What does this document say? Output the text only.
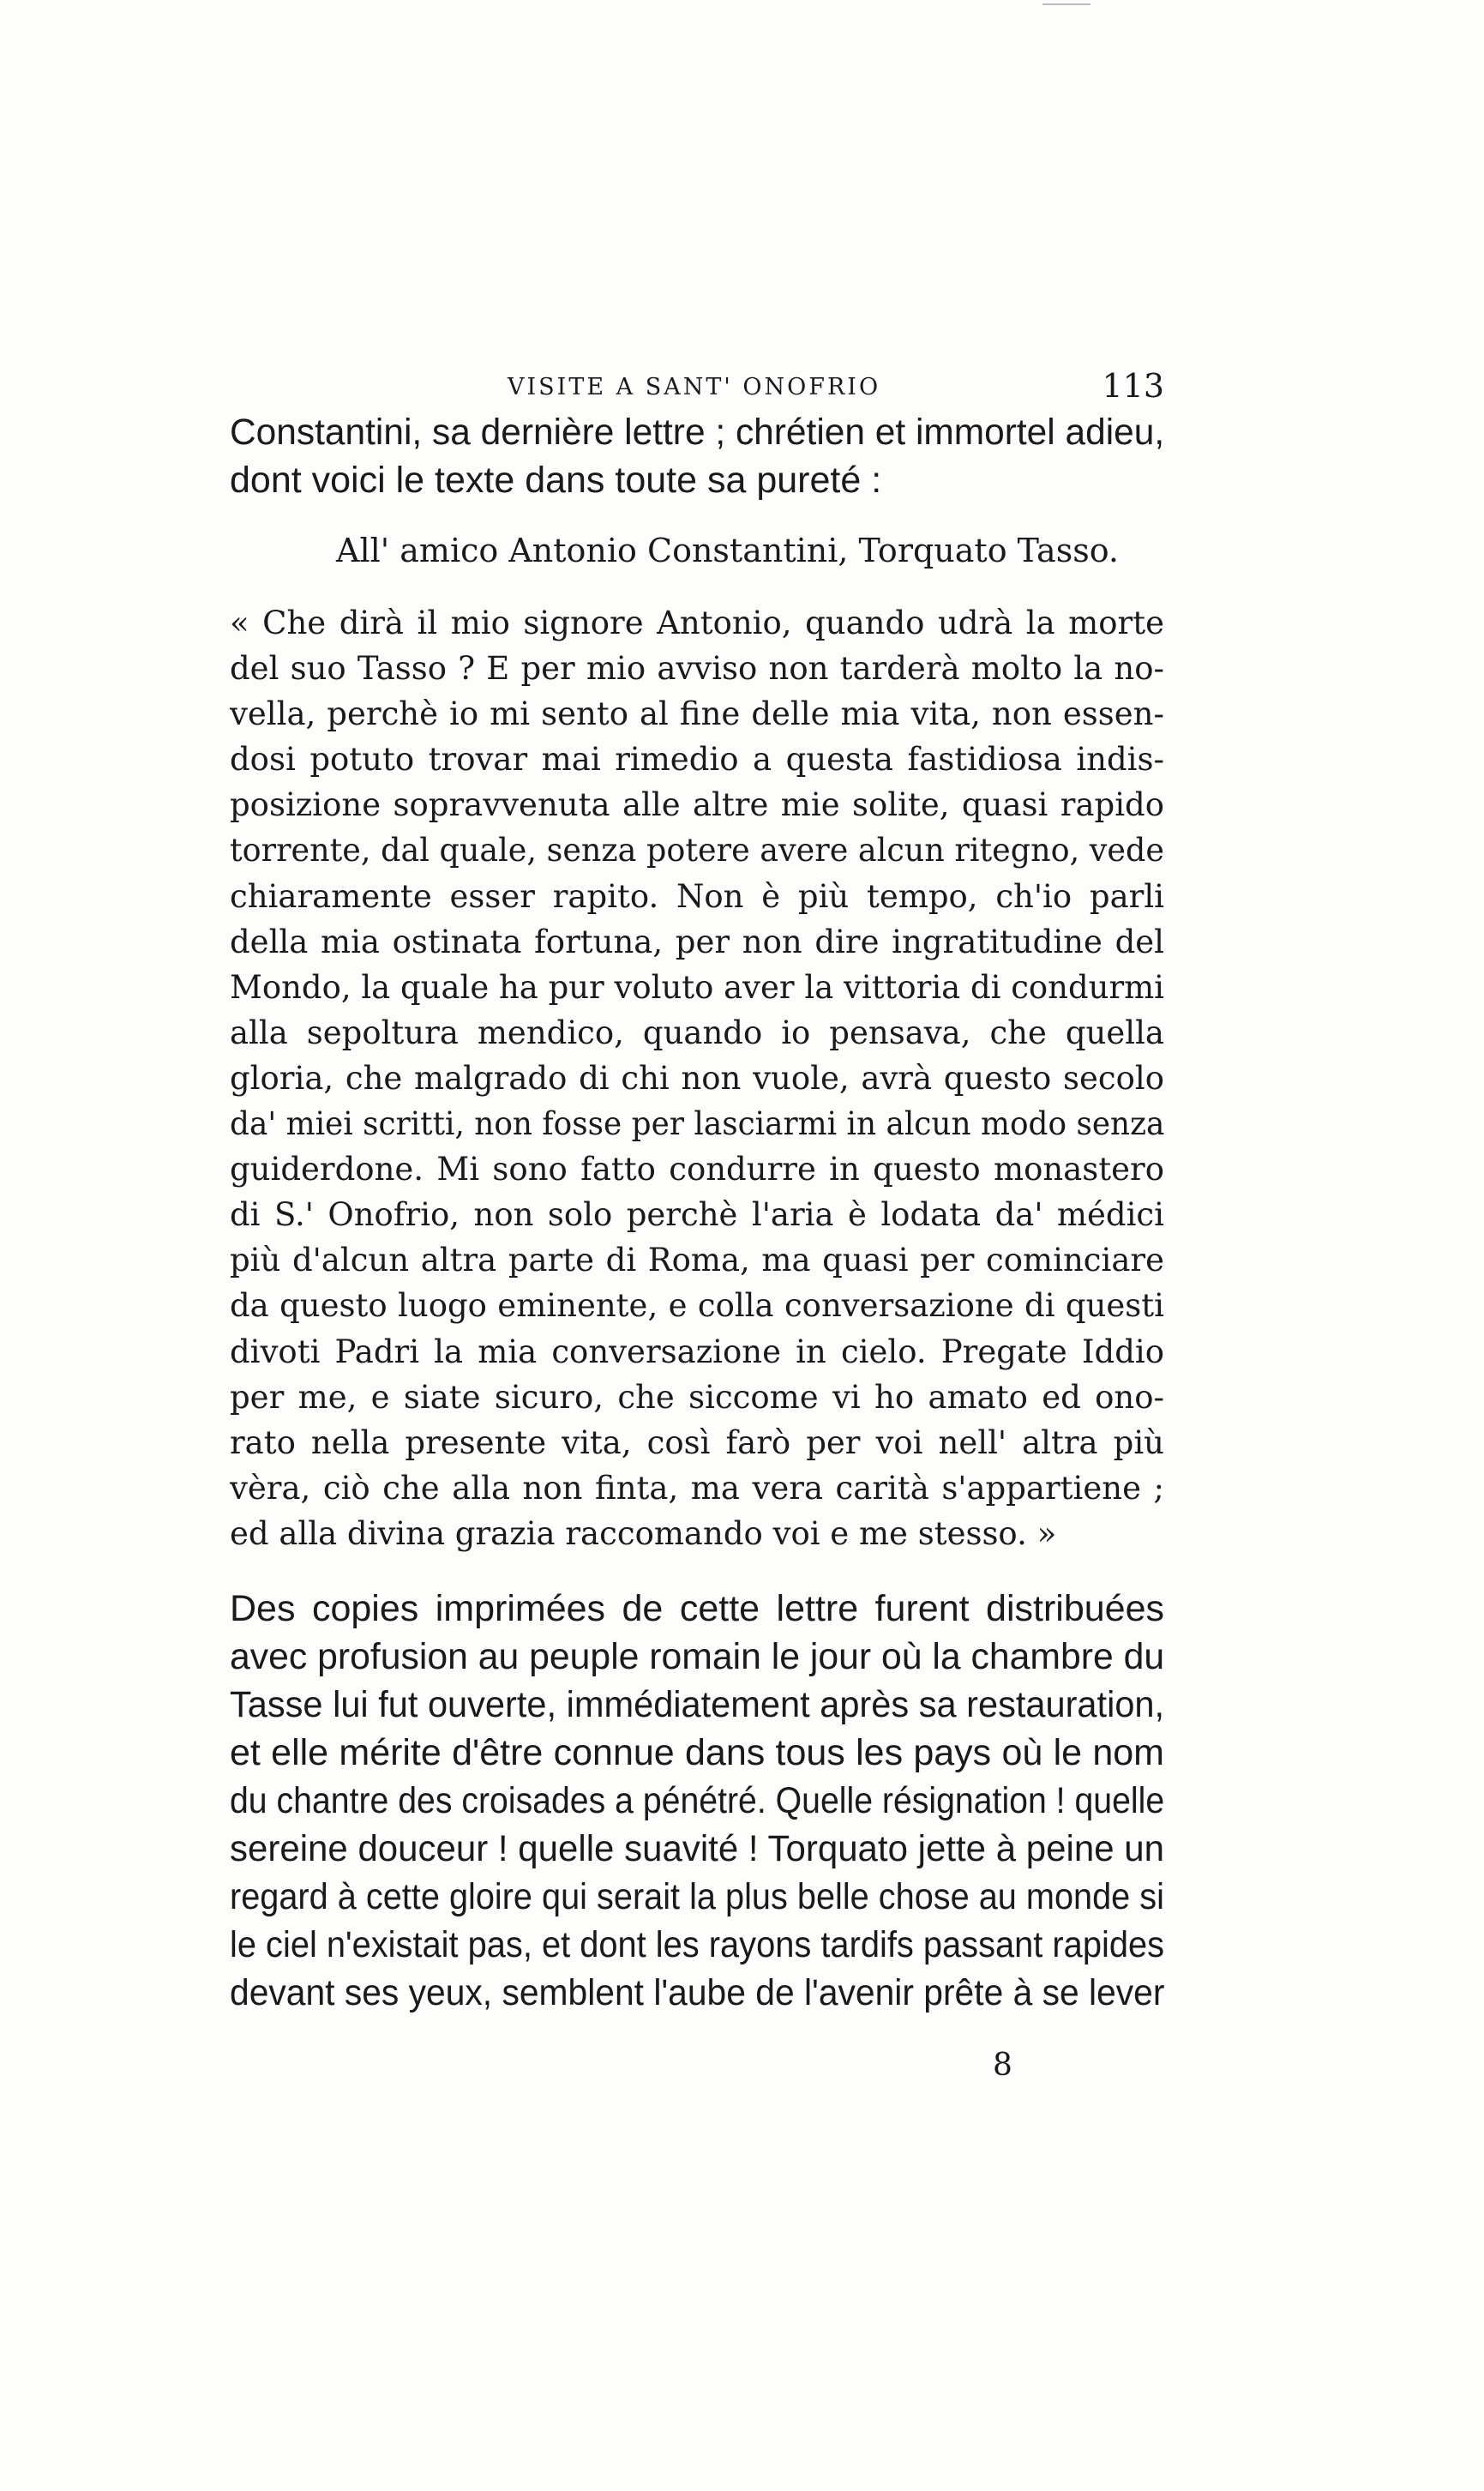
VISITE A SANT' ONOFRIO	113
Constantini, sa dernière lettre ; chrétien et immortel adieu,
dont voici le texte dans toute sa pureté :
All' amico Antonio Constantini, Torquato Tasso.
« Che dirà il mio signore Antonio, quando udrà la morte
del suo Tasso ? E per mio avviso non tarderà molto la no-
vella, perchè io mi sento al fine delle mia vita, non essen-
dosi potuto trovar mai rimedio a questa fastidiosa indis-
posizione sopravvenuta alle altre mie solite, quasi rapido
torrente, dal quale, senza potere avere alcun ritegno, vede
chiaramente esser rapito. Non è più tempo, ch'io parli
della mia ostinata fortuna, per non dire ingratitudine del
Mondo, la quale ha pur voluto aver la vittoria di condurmi
alla sepoltura mendico, quando io pensava, che quella
gloria, che malgrado di chi non vuole, avrà questo secolo
da' miei scritti, non fosse per lasciarmi in alcun modo senza
guiderdone. Mi sono fatto condurre in questo monastero
di S.' Onofrio, non solo perchè l'aria è lodata da' médici
più d'alcun altra parte di Roma, ma quasi per cominciare
da questo luogo eminente, e colla conversazione di questi
divoti Padri la mia conversazione in cielo. Pregate Iddio
per me, e siate sicuro, che siccome vi ho amato ed ono-
rato nella presente vita, così farò per voi nell' altra più
vèra, ciò che alla non finta, ma vera carità s'appartiene ;
ed alla divina grazia raccomando voi e me stesso. »
Des copies imprimées de cette lettre furent distribuées
avec profusion au peuple romain le jour où la chambre du
Tasse lui fut ouverte, immédiatement après sa restauration,
et elle mérite d'être connue dans tous les pays où le nom
du chantre des croisades a pénétré. Quelle résignation ! quelle
sereine douceur ! quelle suavité ! Torquato jette à peine un
regard à cette gloire qui serait la plus belle chose au monde si
le ciel n'existait pas, et dont les rayons tardifs passant rapides
devant ses yeux, semblent l'aube de l'avenir prête à se lever
8
